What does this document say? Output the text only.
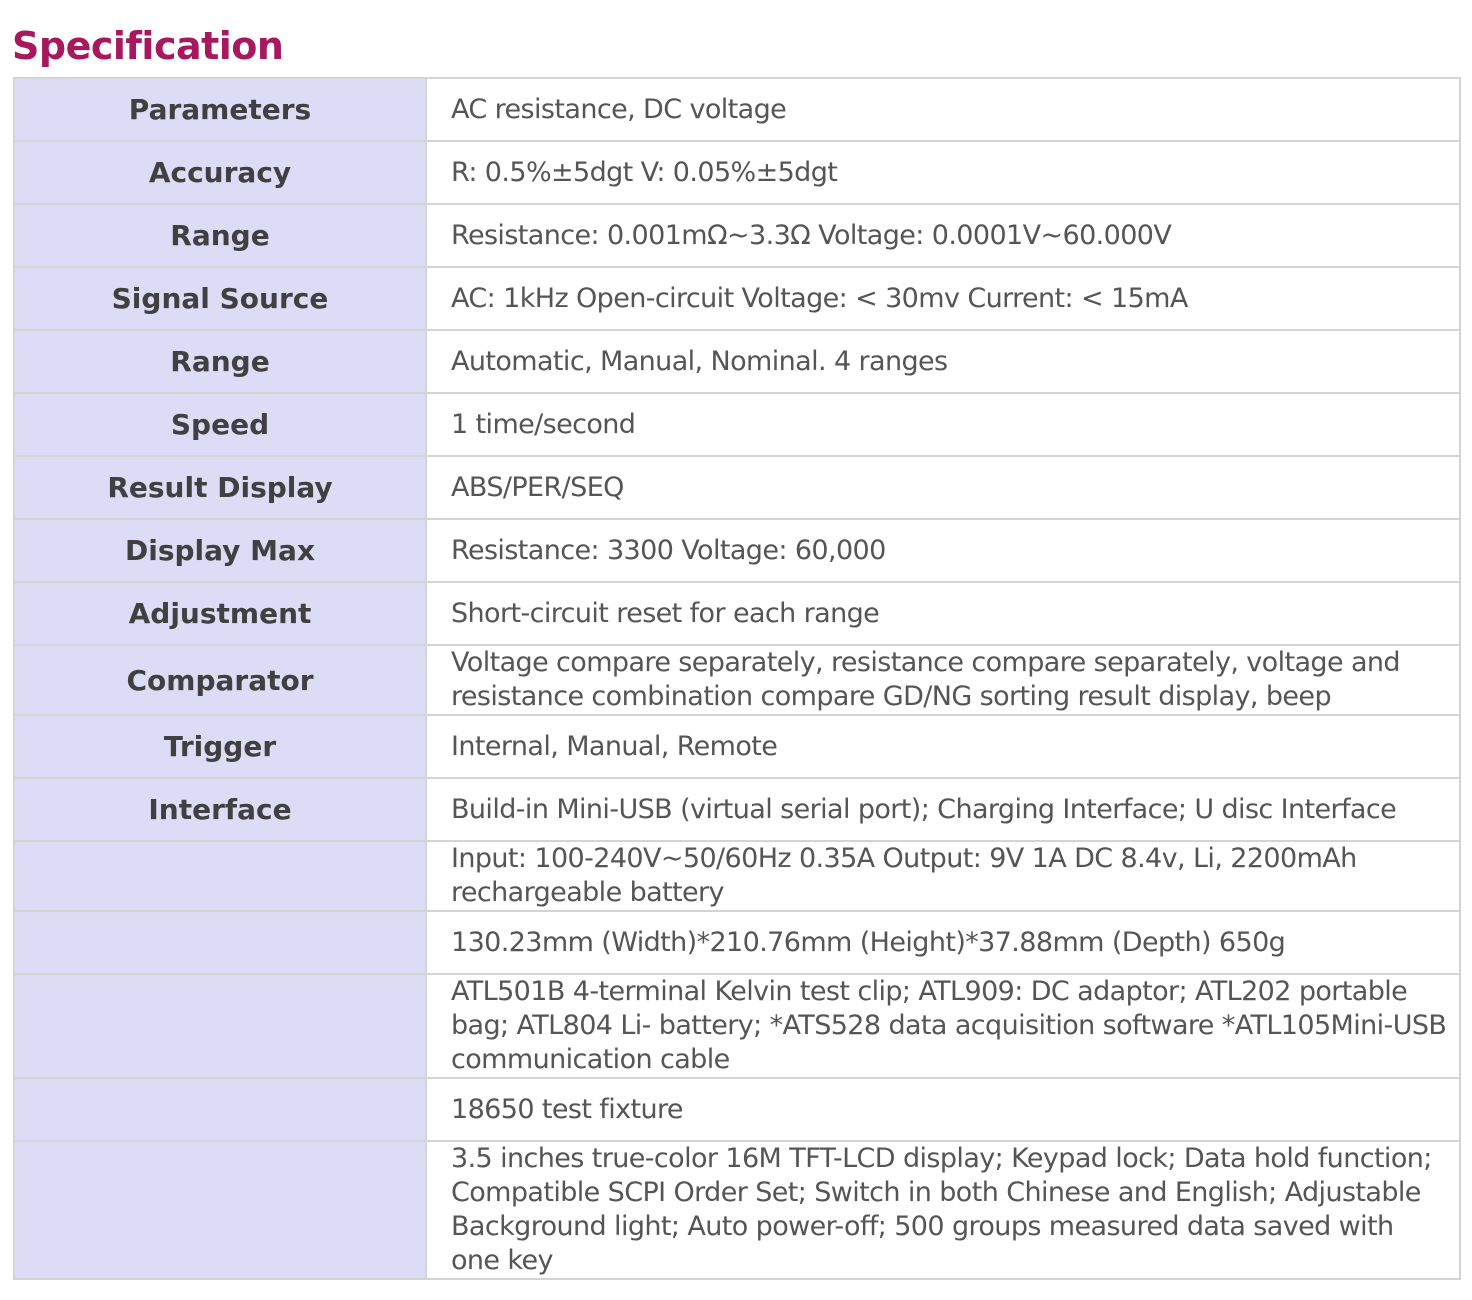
Specification
Parameters	AC resistance, DC voltage
Accuracy	R: 0.5%±5dgt V: 0.05%±5dgt
Range	Resistance: 0.001mΩ~3.3Ω Voltage: 0.0001V~60.000V
Signal Source	AC: 1kHz Open-circuit Voltage: < 30mv Current: < 15mA
Range	Automatic, Manual, Nominal. 4 ranges
Speed	1 time/second
Result Display	ABS/PER/SEQ
Display Max	Resistance: 3300 Voltage: 60,000
Adjustment	Short-circuit reset for each range
Comparator	Voltage compare separately, resistance compare separately, voltage and resistance combination compare GD/NG sorting result display, beep
Trigger	Internal, Manual, Remote
Interface	Build-in Mini-USB (virtual serial port); Charging Interface; U disc Interface
	Input: 100-240V~50/60Hz 0.35A Output: 9V 1A DC 8.4v, Li, 2200mAh rechargeable battery
	130.23mm (Width)*210.76mm (Height)*37.88mm (Depth) 650g
	ATL501B 4-terminal Kelvin test clip; ATL909: DC adaptor; ATL202 portable bag; ATL804 Li- battery; *ATS528 data acquisition software *ATL105Mini-USB communication cable
	18650 test fixture
	3.5 inches true-color 16M TFT-LCD display; Keypad lock; Data hold function; Compatible SCPI Order Set; Switch in both Chinese and English; Adjustable Background light; Auto power-off; 500 groups measured data saved with one key
